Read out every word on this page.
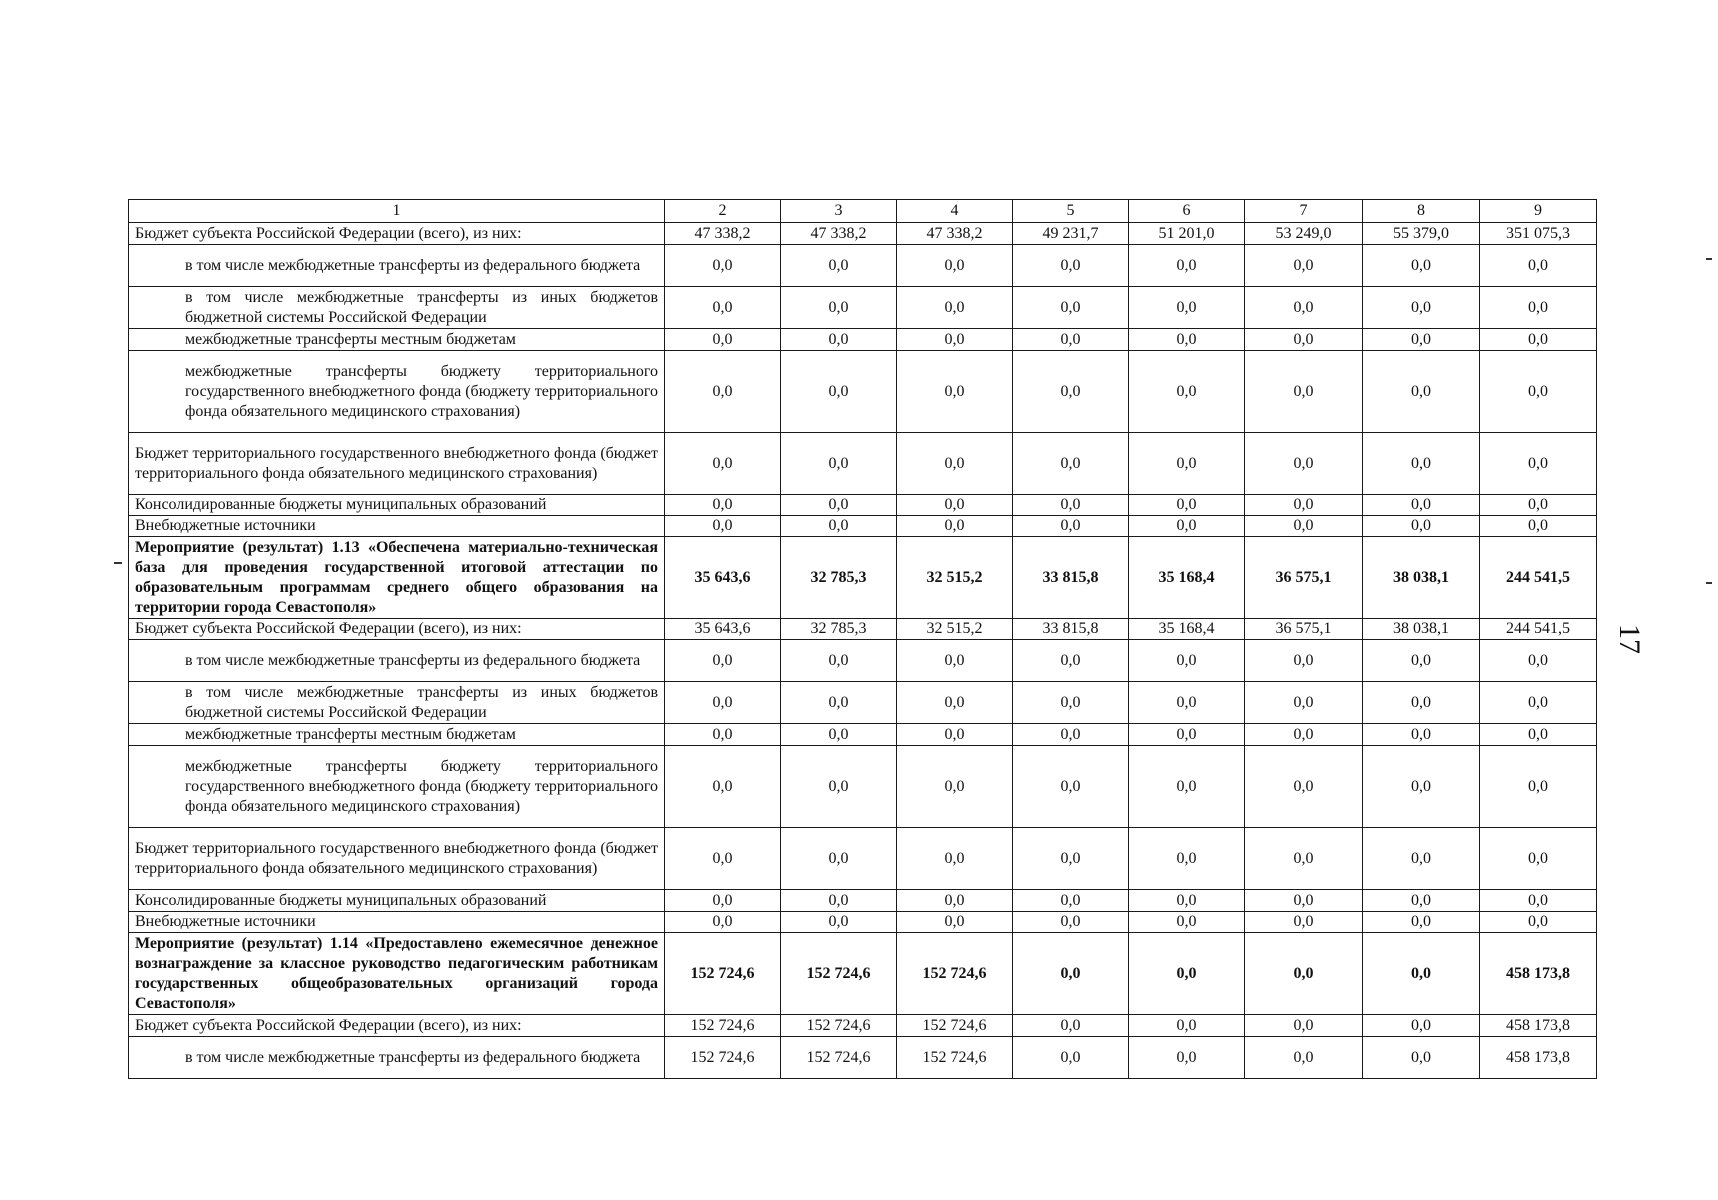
1	2	3	4	5	6	7	8	9
Бюджет субъекта Российской Федерации (всего), из них:	47 338,2	47 338,2	47 338,2	49 231,7	51 201,0	53 249,0	55 379,0	351 075,3
в том числе межбюджетные трансферты из федерального бюджета	0,0	0,0	0,0	0,0	0,0	0,0	0,0	0,0
в том числе межбюджетные трансферты из иных бюджетов бюджетной системы Российской Федерации	0,0	0,0	0,0	0,0	0,0	0,0	0,0	0,0
межбюджетные трансферты местным бюджетам	0,0	0,0	0,0	0,0	0,0	0,0	0,0	0,0
межбюджетные трансферты бюджету территориального государственного внебюджетного фонда (бюджету территориального фонда обязательного медицинского страхования)	0,0	0,0	0,0	0,0	0,0	0,0	0,0	0,0
Бюджет территориального государственного внебюджетного фонда (бюджет территориального фонда обязательного медицинского страхования)	0,0	0,0	0,0	0,0	0,0	0,0	0,0	0,0
Консолидированные бюджеты муниципальных образований	0,0	0,0	0,0	0,0	0,0	0,0	0,0	0,0
Внебюджетные источники	0,0	0,0	0,0	0,0	0,0	0,0	0,0	0,0
Мероприятие (результат) 1.13 «Обеспечена материально-техническая база для проведения государственной итоговой аттестации по образовательным программам среднего общего образования на территории города Севастополя»	35 643,6	32 785,3	32 515,2	33 815,8	35 168,4	36 575,1	38 038,1	244 541,5
Бюджет субъекта Российской Федерации (всего), из них:	35 643,6	32 785,3	32 515,2	33 815,8	35 168,4	36 575,1	38 038,1	244 541,5
в том числе межбюджетные трансферты из федерального бюджета	0,0	0,0	0,0	0,0	0,0	0,0	0,0	0,0
в том числе межбюджетные трансферты из иных бюджетов бюджетной системы Российской Федерации	0,0	0,0	0,0	0,0	0,0	0,0	0,0	0,0
межбюджетные трансферты местным бюджетам	0,0	0,0	0,0	0,0	0,0	0,0	0,0	0,0
межбюджетные трансферты бюджету территориального государственного внебюджетного фонда (бюджету территориального фонда обязательного медицинского страхования)	0,0	0,0	0,0	0,0	0,0	0,0	0,0	0,0
Бюджет территориального государственного внебюджетного фонда (бюджет территориального фонда обязательного медицинского страхования)	0,0	0,0	0,0	0,0	0,0	0,0	0,0	0,0
Консолидированные бюджеты муниципальных образований	0,0	0,0	0,0	0,0	0,0	0,0	0,0	0,0
Внебюджетные источники	0,0	0,0	0,0	0,0	0,0	0,0	0,0	0,0
Мероприятие (результат) 1.14 «Предоставлено ежемесячное денежное вознаграждение за классное руководство педагогическим работникам государственных общеобразовательных организаций города Севастополя»	152 724,6	152 724,6	152 724,6	0,0	0,0	0,0	0,0	458 173,8
Бюджет субъекта Российской Федерации (всего), из них:	152 724,6	152 724,6	152 724,6	0,0	0,0	0,0	0,0	458 173,8
в том числе межбюджетные трансферты из федерального бюджета	152 724,6	152 724,6	152 724,6	0,0	0,0	0,0	0,0	458 173,8
17
